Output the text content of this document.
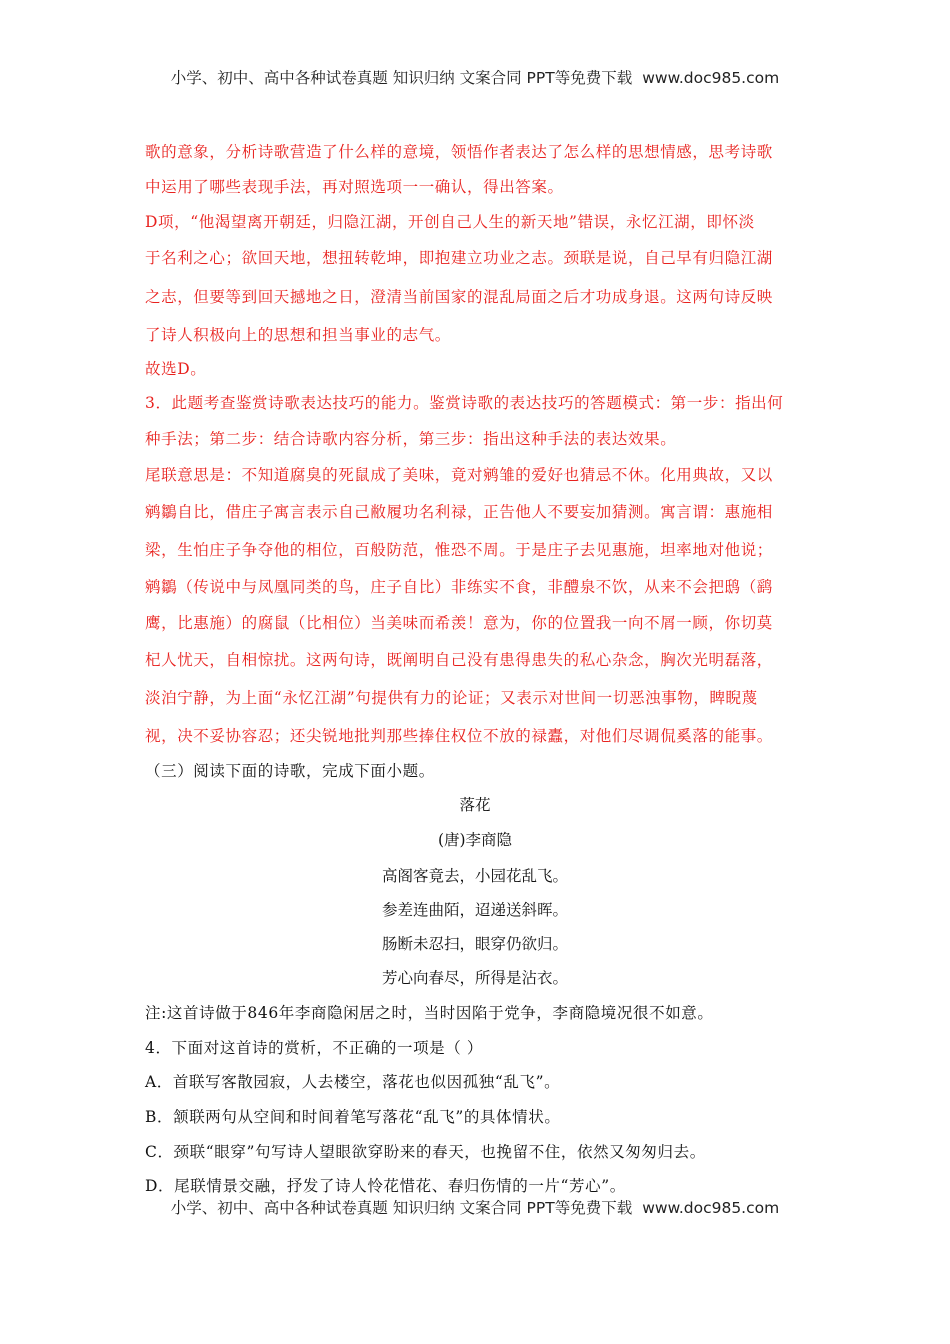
小学、初中、高中各种试卷真题 知识归纳 文案合同 PPT等免费下载 www.doc985.com
歌的意象，分析诗歌营造了什么样的意境，领悟作者表达了怎么样的思想情感，思考诗歌
中运用了哪些表现手法，再对照选项一一确认，得出答案。
D项，“他渴望离开朝廷，归隐江湖，开创自己人生的新天地”错误，永忆江湖，即怀淡
于名利之心；欲回天地，想扭转乾坤，即抱建立功业之志。颈联是说，自己早有归隐江湖
之志，但要等到回天撼地之日，澄清当前国家的混乱局面之后才功成身退。这两句诗反映
了诗人积极向上的思想和担当事业的志气。
故选D。
3．此题考查鉴赏诗歌表达技巧的能力。鉴赏诗歌的表达技巧的答题模式：第一步：指出何
种手法；第二步：结合诗歌内容分析，第三步：指出这种手法的表达效果。
尾联意思是：不知道腐臭的死鼠成了美味，竟对鹓雏的爱好也猜忌不休。化用典故，又以
鹓鶵自比，借庄子寓言表示自己敝履功名利禄，正告他人不要妄加猜测。寓言谓：惠施相
梁，生怕庄子争夺他的相位，百般防范，惟恐不周。于是庄子去见惠施，坦率地对他说；
鹓鶵（传说中与凤凰同类的鸟，庄子自比）非练实不食，非醴泉不饮，从来不会把鸱（鹞
鹰，比惠施）的腐鼠（比相位）当美味而希羡！意为，你的位置我一向不屑一顾，你切莫
杞人忧天，自相惊扰。这两句诗，既阐明自己没有患得患失的私心杂念，胸次光明磊落，
淡泊宁静，为上面“永忆江湖”句提供有力的论证；又表示对世间一切恶浊事物，睥睨蔑
视，决不妥协容忍；还尖锐地批判那些捧住权位不放的禄蠹，对他们尽调侃奚落的能事。
（三）阅读下面的诗歌，完成下面小题。
落花
(唐)李商隐
高阁客竟去，小园花乱飞。
参差连曲陌，迢递送斜晖。
肠断未忍扫，眼穿仍欲归。
芳心向春尽，所得是沾衣。
注:这首诗做于846年李商隐闲居之时，当时因陷于党争，李商隐境况很不如意。
4．下面对这首诗的赏析，不正确的一项是（ ）
A．首联写客散园寂，人去楼空，落花也似因孤独“乱飞”。
B．颔联两句从空间和时间着笔写落花“乱飞”的具体情状。
C．颈联“眼穿”句写诗人望眼欲穿盼来的春天，也挽留不住，依然又匆匆归去。
D．尾联情景交融，抒发了诗人怜花惜花、春归伤情的一片“芳心”。
小学、初中、高中各种试卷真题 知识归纳 文案合同 PPT等免费下载 www.doc985.com
